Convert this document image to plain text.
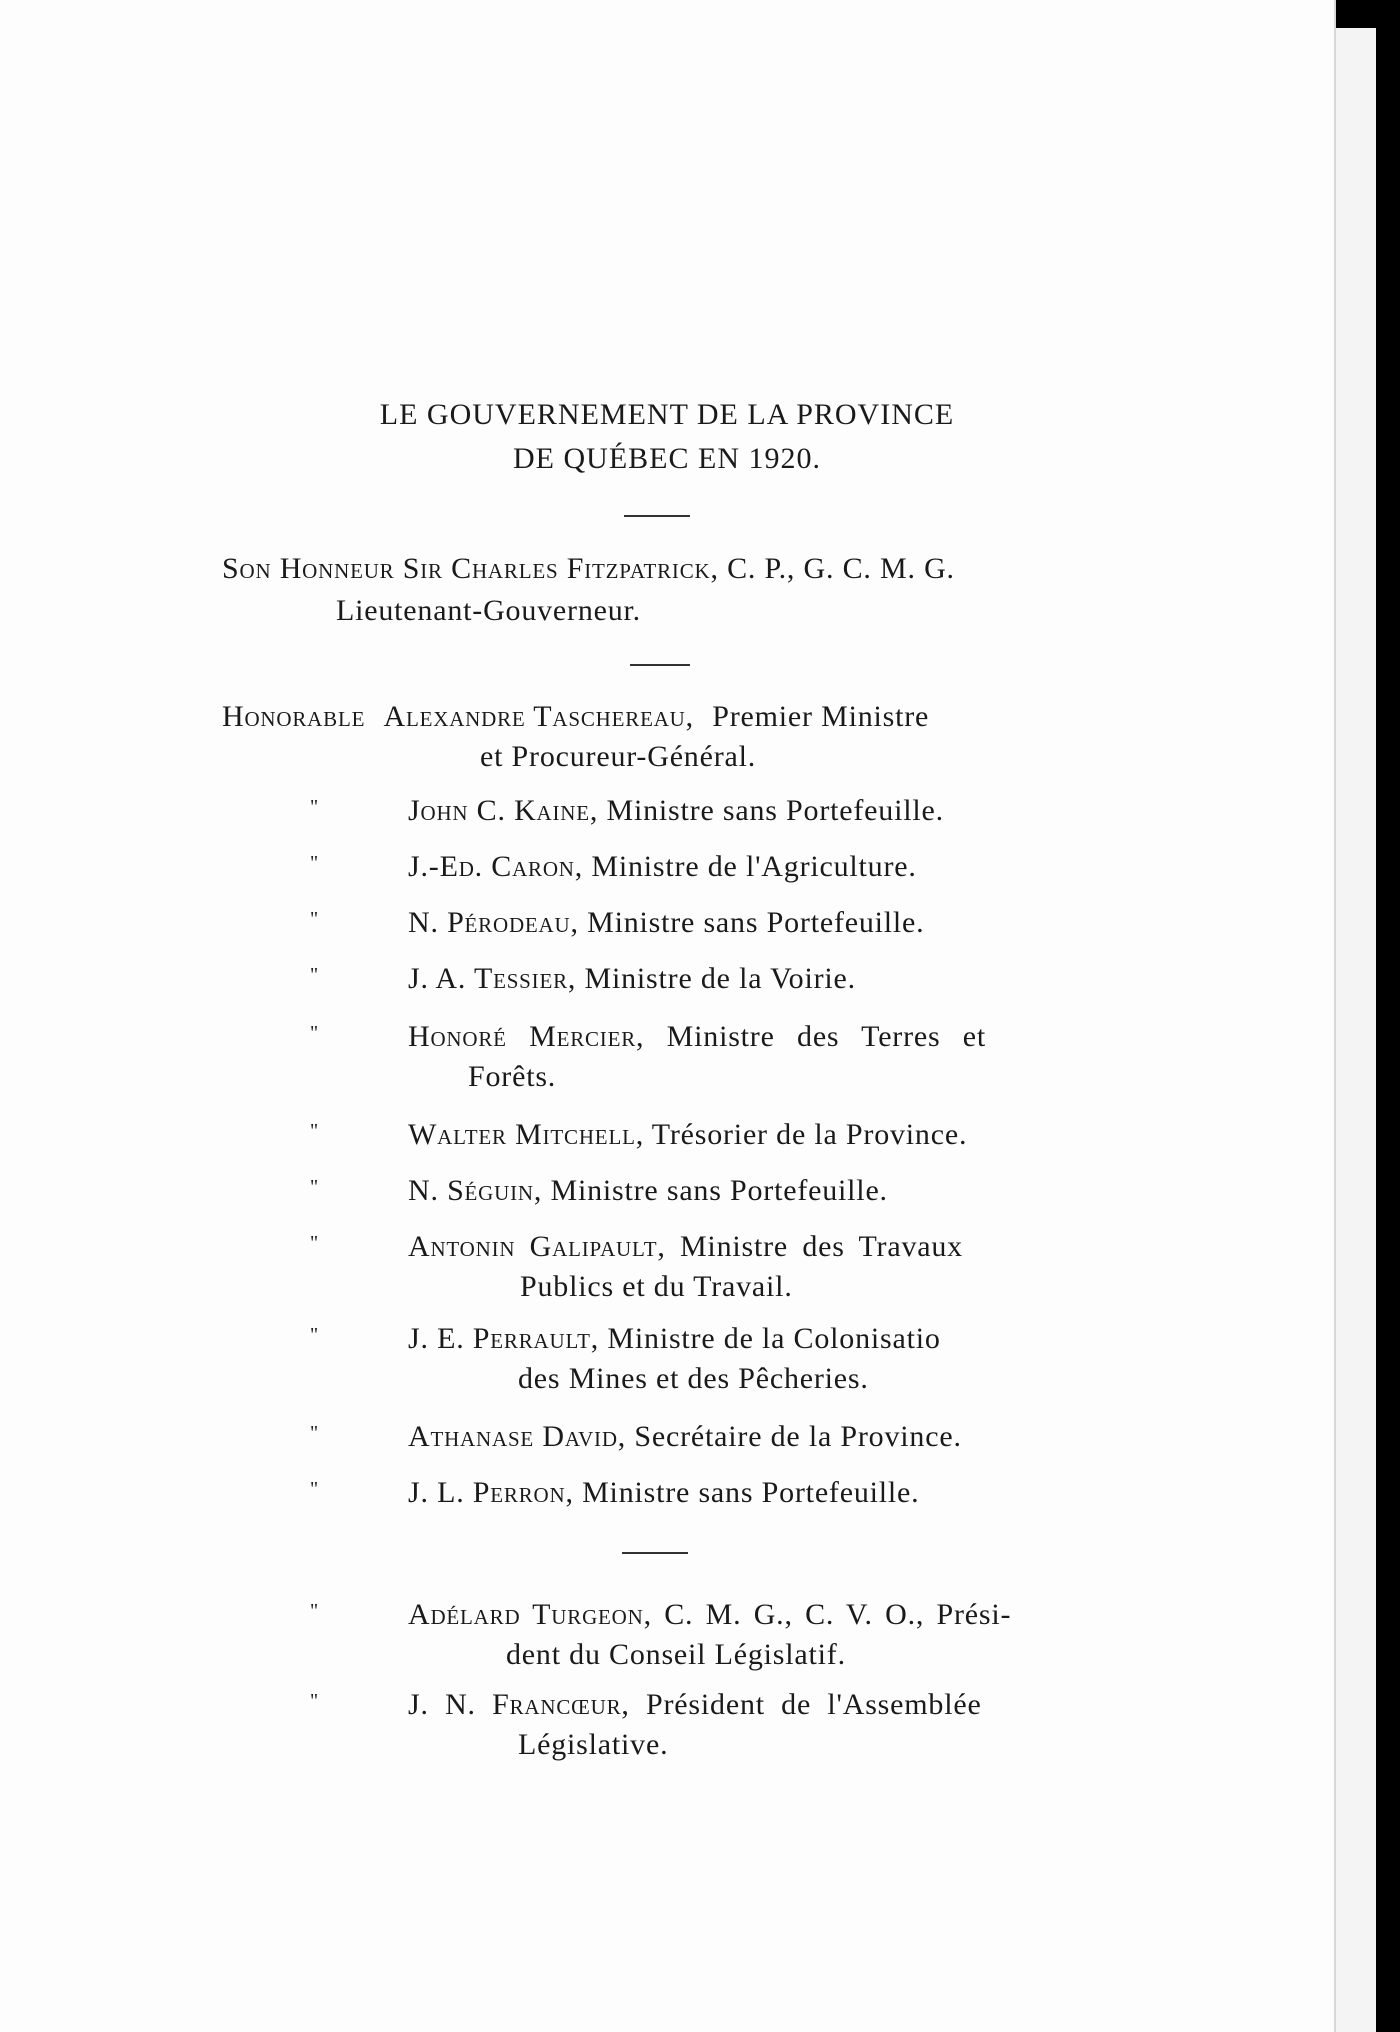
LE GOUVERNEMENT DE LA PROVINCE
DE QUÉBEC EN 1920.
Son Honneur Sir Charles Fitzpatrick, C. P., G. C. M. G.
Lieutenant-Gouverneur.
Honorable Alexandre Taschereau, Premier Ministre
et Procureur-Général.
"	John C. Kaine, Ministre sans Portefeuille.
"	J.-Ed. Caron, Ministre de l'Agriculture.
"	N. Pérodeau, Ministre sans Portefeuille.
"	J. A. Tessier, Ministre de la Voirie.
"	Honoré Mercier, Ministre des Terres et
Forêts.
"	Walter Mitchell, Trésorier de la Province.
"	N. Séguin, Ministre sans Portefeuille.
"	Antonin Galipault, Ministre des Travaux
Publics et du Travail.
"	J. E. Perrault, Ministre de la Colonisatio
des Mines et des Pêcheries.
"	Athanase David, Secrétaire de la Province.
"	J. L. Perron, Ministre sans Portefeuille.
"	Adélard Turgeon, C. M. G., C. V. O., Prési-
dent du Conseil Législatif.
"	J. N. Francœur, Président de l'Assemblée
Législative.
